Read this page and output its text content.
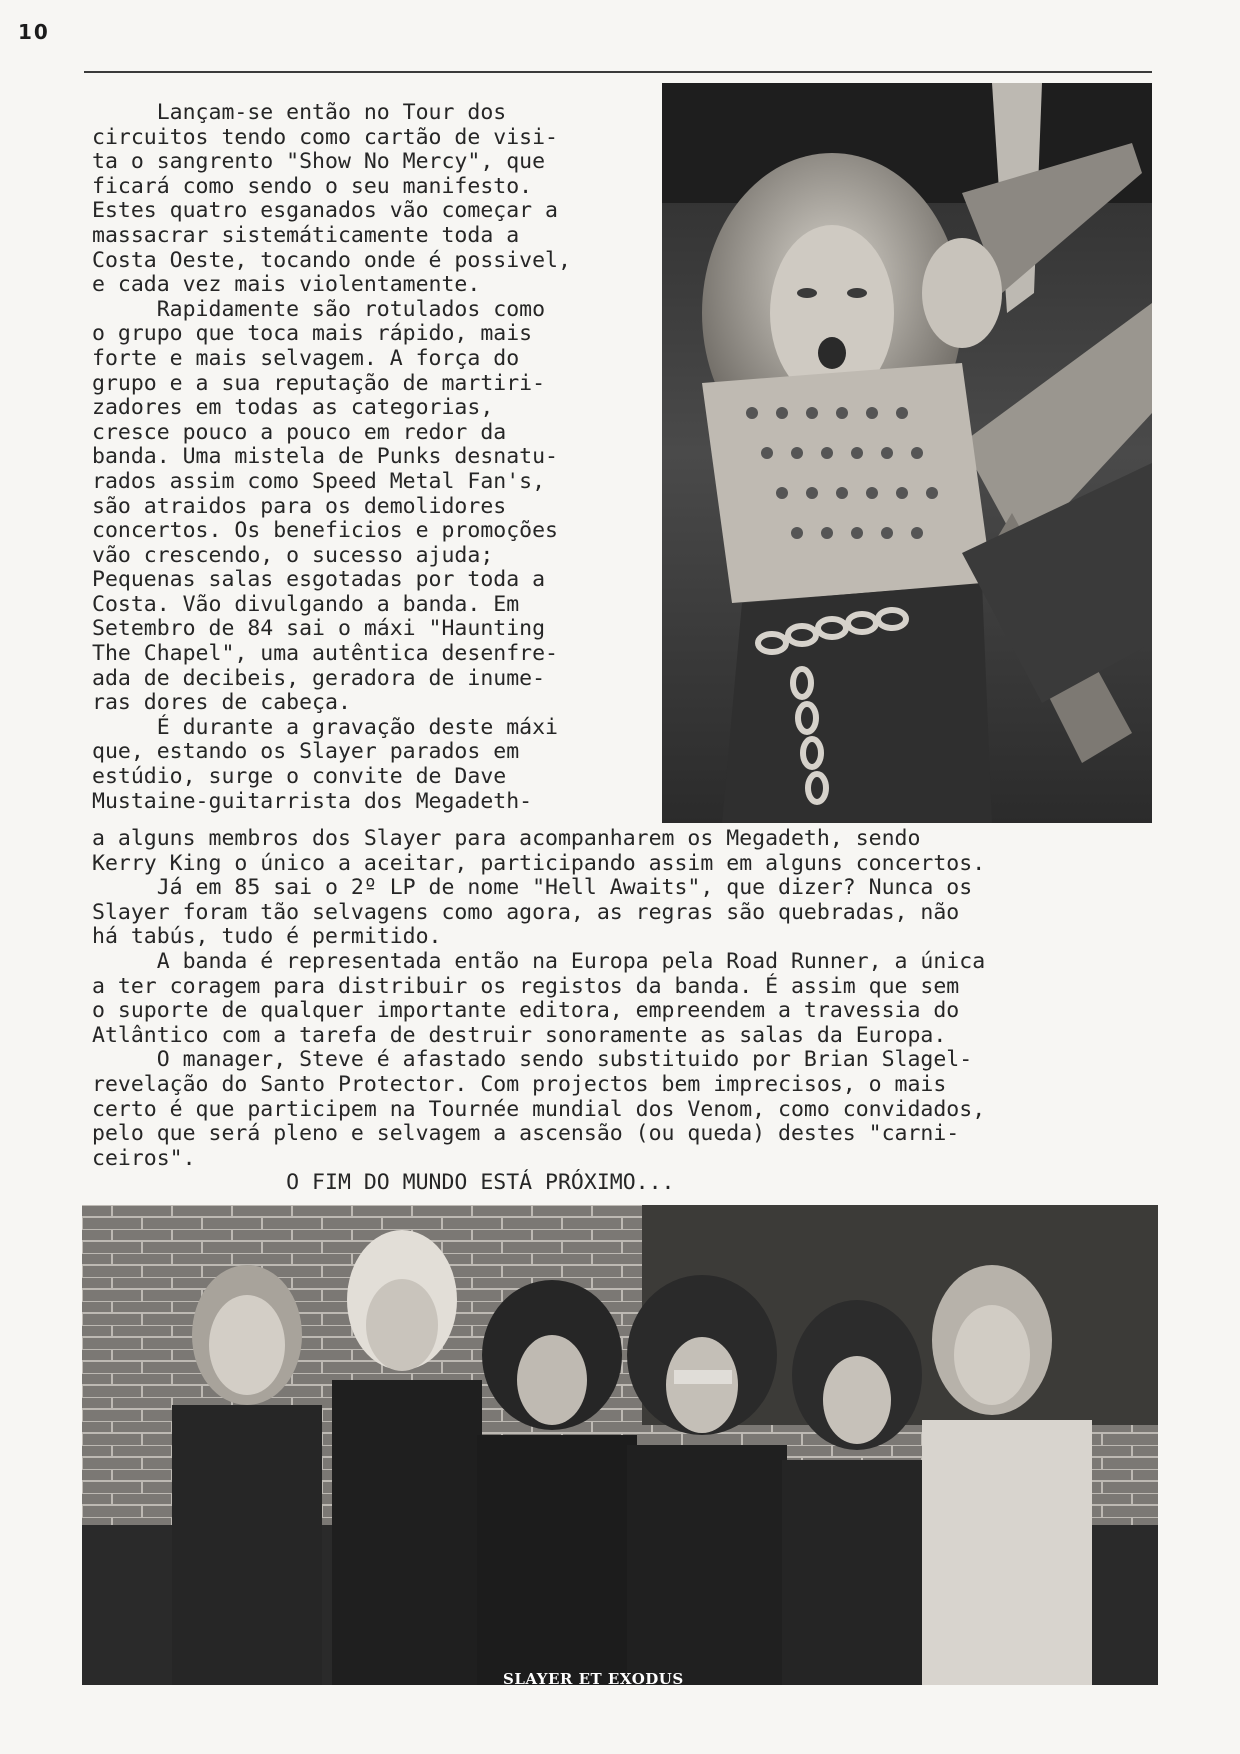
10
Lançam-se então no Tour dos
circuitos tendo como cartão de visi-
ta o sangrento "Show No Mercy", que
ficará como sendo o seu manifesto.
Estes quatro esganados vão começar a
massacrar sistemáticamente toda a
Costa Oeste, tocando onde é possivel,
e cada vez mais violentamente.
Rapidamente são rotulados como
o grupo que toca mais rápido, mais
forte e mais selvagem. A força do
grupo e a sua reputação de martiri-
zadores em todas as categorias,
cresce pouco a pouco em redor da
banda. Uma mistela de Punks desnatu-
rados assim como Speed Metal Fan's,
são atraidos para os demolidores
concertos. Os beneficios e promoções
vão crescendo, o sucesso ajuda;
Pequenas salas esgotadas por toda a
Costa. Vão divulgando a banda. Em
Setembro de 84 sai o máxi "Haunting
The Chapel", uma autêntica desenfre-
ada de decibeis, geradora de inume-
ras dores de cabeça.
É durante a gravação deste máxi
que, estando os Slayer parados em
estúdio, surge o convite de Dave
Mustaine-guitarrista dos Megadeth-
a alguns membros dos Slayer para acompanharem os Megadeth, sendo
Kerry King o único a aceitar, participando assim em alguns concertos.
Já em 85 sai o 2º LP de nome "Hell Awaits", que dizer? Nunca os
Slayer foram tão selvagens como agora, as regras são quebradas, não
há tabús, tudo é permitido.
A banda é representada então na Europa pela Road Runner, a única
a ter coragem para distribuir os registos da banda. É assim que sem
o suporte de qualquer importante editora, empreendem a travessia do
Atlântico com a tarefa de destruir sonoramente as salas da Europa.
O manager, Steve é afastado sendo substituido por Brian Slagel-
revelação do Santo Protector. Com projectos bem imprecisos, o mais
certo é que participem na Tournée mundial dos Venom, como convidados,
pelo que será pleno e selvagem a ascensão (ou queda) destes "carni-
ceiros".
O FIM DO MUNDO ESTÁ PRÓXIMO...
SLAYER ET EXODUS
